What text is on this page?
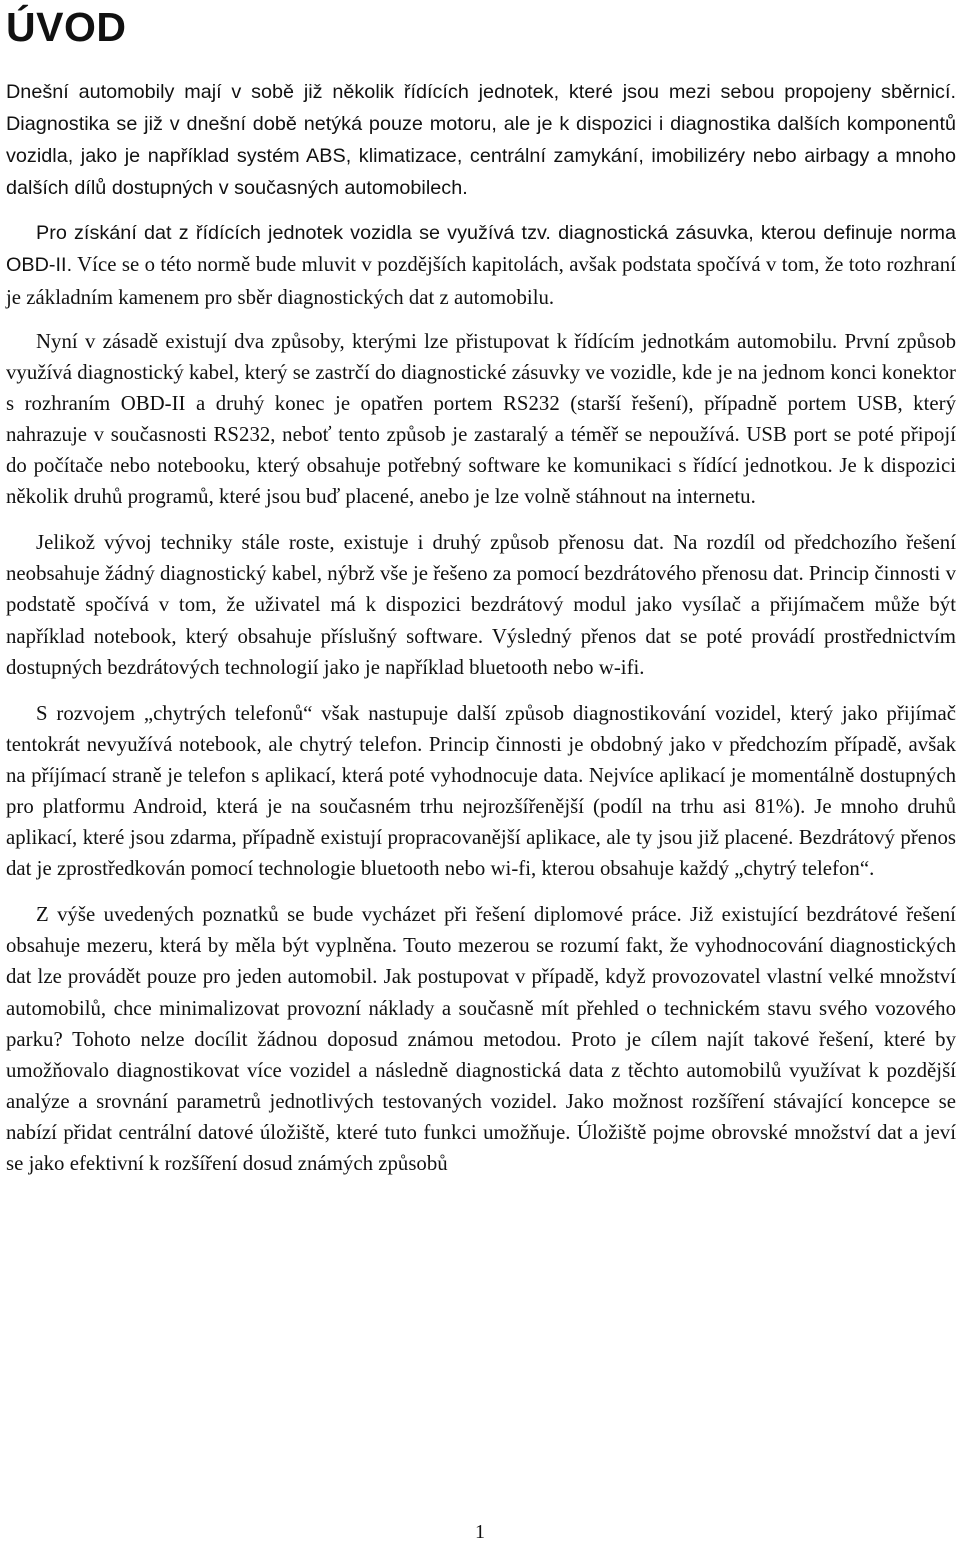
ÚVOD

Dnešní automobily mají v sobě již několik řídících jednotek, které jsou mezi sebou propojeny sběrnicí. Diagnostika se již v dnešní době netýká pouze motoru, ale je k dispozici i diagnostika dalších komponentů vozidla, jako je například systém ABS, klimatizace, centrální zamykání, imobilizéry nebo airbagy a mnoho dalších dílů dostupných v současných automobilech.

Pro získání dat z řídících jednotek vozidla se využívá tzv. diagnostická zásuvka, kterou definuje norma OBD-II. Více se o této normě bude mluvit v pozdějších kapitolách, avšak podstata spočívá v tom, že toto rozhraní je základním kamenem pro sběr diagnostických dat z automobilu.

Nyní v zásadě existují dva způsoby, kterými lze přistupovat k řídícím jednotkám automobilu. První způsob využívá diagnostický kabel, který se zastrčí do diagnostické zásuvky ve vozidle, kde je na jednom konci konektor s rozhraním OBD-II a druhý konec je opatřen portem RS232 (starší řešení), případně portem USB, který nahrazuje v současnosti RS232, neboť tento způsob je zastaralý a téměř se nepoužívá. USB port se poté připojí do počítače nebo notebooku, který obsahuje potřebný software ke komunikaci s řídící jednotkou. Je k dispozici několik druhů programů, které jsou buď placené, anebo je lze volně stáhnout na internetu.

Jelikož vývoj techniky stále roste, existuje i druhý způsob přenosu dat. Na rozdíl od předchozího řešení neobsahuje žádný diagnostický kabel, nýbrž vše je řešeno za pomocí bezdrátového přenosu dat. Princip činnosti v podstatě spočívá v tom, že uživatel má k dispozici bezdrátový modul jako vysílač a přijímačem může být například notebook, který obsahuje příslušný software. Výsledný přenos dat se poté provádí prostřednictvím dostupných bezdrátových technologií jako je například bluetooth nebo w-ifi.

S rozvojem „chytrých telefonů“ však nastupuje další způsob diagnostikování vozidel, který jako přijímač tentokrát nevyužívá notebook, ale chytrý telefon. Princip činnosti je obdobný jako v předchozím případě, avšak na příjímací straně je telefon s aplikací, která poté vyhodnocuje data. Nejvíce aplikací je momentálně dostupných pro platformu Android, která je na současném trhu nejrozšířenější (podíl na trhu asi 81%). Je mnoho druhů aplikací, které jsou zdarma, případně existují propracovanější aplikace, ale ty jsou již placené. Bezdrátový přenos dat je zprostředkován pomocí technologie bluetooth nebo wi-fi, kterou obsahuje každý „chytrý telefon“.

Z výše uvedených poznatků se bude vycházet při řešení diplomové práce. Již existující bezdrátové řešení obsahuje mezeru, která by měla být vyplněna. Touto mezerou se rozumí fakt, že vyhodnocování diagnostických dat lze provádět pouze pro jeden automobil. Jak postupovat v případě, když provozovatel vlastní velké množství automobilů, chce minimalizovat provozní náklady a současně mít přehled o technickém stavu svého vozového parku? Tohoto nelze docílit žádnou doposud známou metodou. Proto je cílem najít takové řešení, které by umožňovalo diagnostikovat více vozidel a následně diagnostická data z těchto automobilů využívat k pozdější analýze a srovnání parametrů jednotlivých testovaných vozidel. Jako možnost rozšíření stávající koncepce se nabízí přidat centrální datové úložiště, které tuto funkci umožňuje. Úložiště pojme obrovské množství dat a jeví se jako efektivní k rozšíření dosud známých způsobů

1
